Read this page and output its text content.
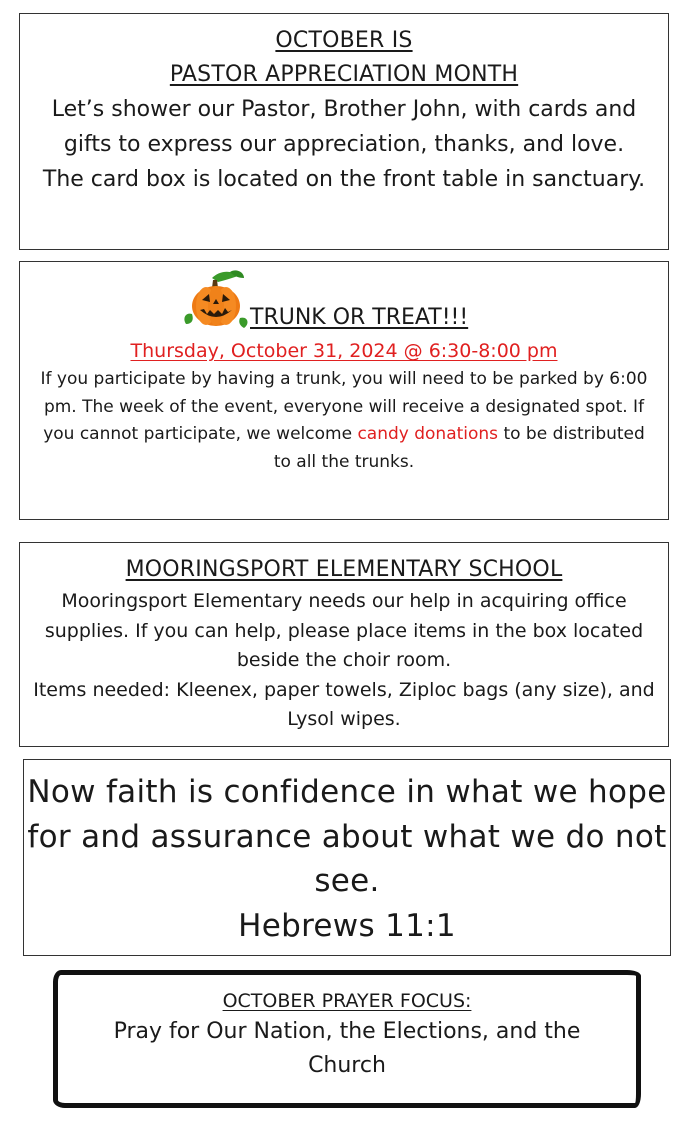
OCTOBER IS
PASTOR APPRECIATION MONTH
Let’s shower our Pastor, Brother John, with cards and gifts to express our appreciation, thanks, and love. The card box is located on the front table in sanctuary.
TRUNK OR TREAT!!!
Thursday, October 31, 2024 @ 6:30-8:00 pm
If you participate by having a trunk, you will need to be parked by 6:00 pm. The week of the event, everyone will receive a designated spot. If you cannot participate, we welcome candy donations to be distributed to all the trunks.
MOORINGSPORT ELEMENTARY SCHOOL
Mooringsport Elementary needs our help in acquiring office supplies. If you can help, please place items in the box located beside the choir room.
Items needed: Kleenex, paper towels, Ziploc bags (any size), and Lysol wipes.
Now faith is confidence in what we hope for and assurance about what we do not see.
Hebrews 11:1
OCTOBER PRAYER FOCUS:
Pray for Our Nation, the Elections, and the Church
